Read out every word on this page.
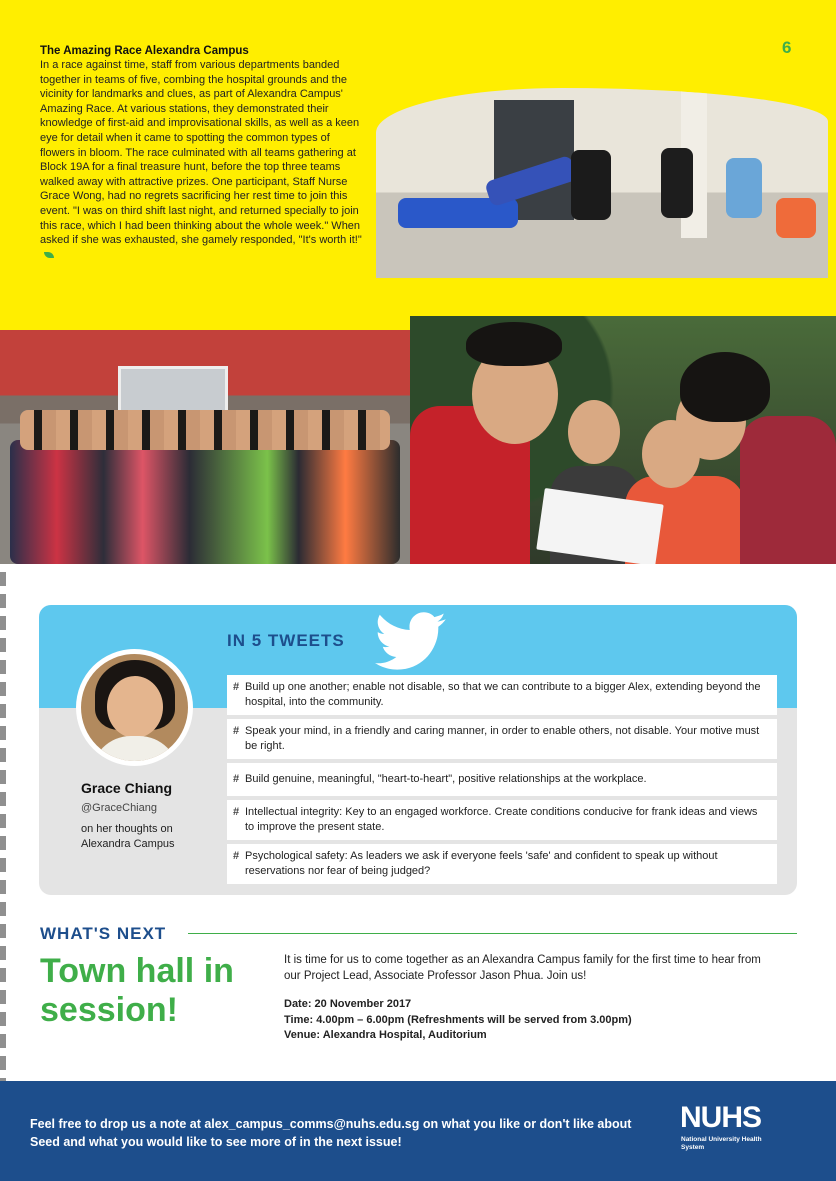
6
The Amazing Race Alexandra Campus

In a race against time, staff from various departments banded together in teams of five, combing the hospital grounds and the vicinity for landmarks and clues, as part of Alexandra Campus' Amazing Race. At various stations, they demonstrated their knowledge of first-aid and improvisational skills, as well as a keen eye for detail when it came to spotting the common types of flowers in bloom. The race culminated with all teams gathering at Block 19A for a final treasure hunt, before the top three teams walked away with attractive prizes. One participant, Staff Nurse Grace Wong, had no regrets sacrificing her rest time to join this event. "I was on third shift last night, and returned specially to join this race, which I had been thinking about the whole week." When asked if she was exhausted, she gamely responded, "It's worth it!"

IN 5 TWEETS
Grace Chiang
@GraceChiang
on her thoughts on Alexandra Campus
# Build up one another; enable not disable, so that we can contribute to a bigger Alex, extending beyond the hospital, into the community.
# Speak your mind, in a friendly and caring manner, in order to enable others, not disable. Your motive must be right.
# Build genuine, meaningful, "heart-to-heart", positive relationships at the workplace.
# Intellectual integrity: Key to an engaged workforce. Create conditions conducive for frank ideas and views to improve the present state.
# Psychological safety: As leaders we ask if everyone feels 'safe' and confident to speak up without reservations nor fear of being judged?
WHAT'S NEXT
Town hall in session!
It is time for us to come together as an Alexandra Campus family for the first time to hear from our Project Lead, Associate Professor Jason Phua. Join us!
Date: 20 November 2017
Time: 4.00pm – 6.00pm (Refreshments will be served from 3.00pm)
Venue: Alexandra Hospital, Auditorium
Feel free to drop us a note at alex_campus_comms@nuhs.edu.sg on what you like or don't like about Seed and what you would like to see more of in the next issue!
NUHS
National University Health System
